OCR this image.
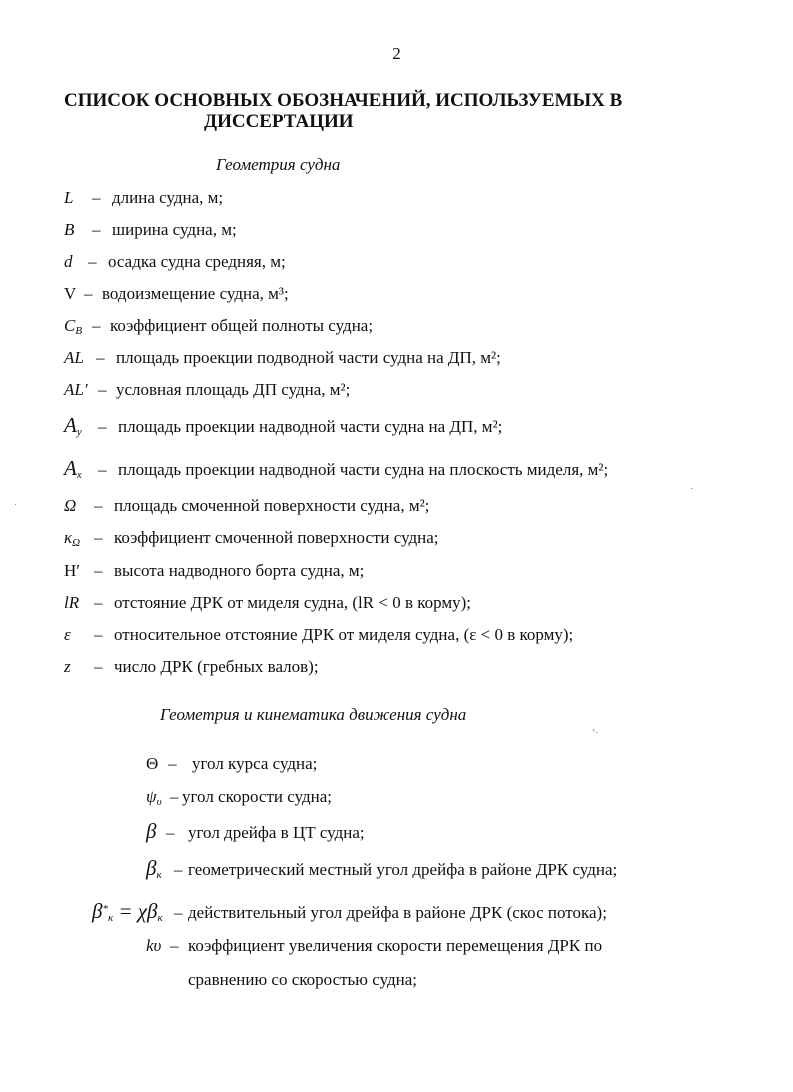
2
СПИСОК ОСНОВНЫХ ОБОЗНАЧЕНИЙ, ИСПОЛЬЗУЕМЫХ В
ДИССЕРТАЦИИ
Геометрия судна
L – длина судна, м;
B – ширина судна, м;
d – осадка судна средняя, м;
V – водоизмещение судна, м³;
$C_B$ – коэффициент общей полноты судна;
AL – площадь проекции подводной части судна на ДП, м²;
AL′ – условная площадь ДП судна, м²;
$A_y$ – площадь проекции надводной части судна на ДП, м²;
$A_x$ – площадь проекции надводной части судна на плоскость миделя, м²;
Ω – площадь смоченной поверхности судна, м²;
$\kappa_\Omega$ – коэффициент смоченной поверхности судна;
H′ – высота надводного борта судна, м;
lR – отстояние ДРК от миделя судна, (lR < 0 в корму);
ε – относительное отстояние ДРК от миделя судна, (ε < 0 в корму);
z – число ДРК (гребных валов);
Геометрия и кинематика движения судна
Θ – угол курса судна;
$\psi_\upsilon$ – угол скорости судна;
β – угол дрейфа в ЦТ судна;
$\beta_к$ – геометрический местный угол дрейфа в районе ДРК судна;
$\beta^*_к = \chi\beta_к$ – действительный угол дрейфа в районе ДРК (скос потока);
kυ – коэффициент увеличения скорости перемещения ДРК по
сравнению со скоростью судна;
·
·
‘·
